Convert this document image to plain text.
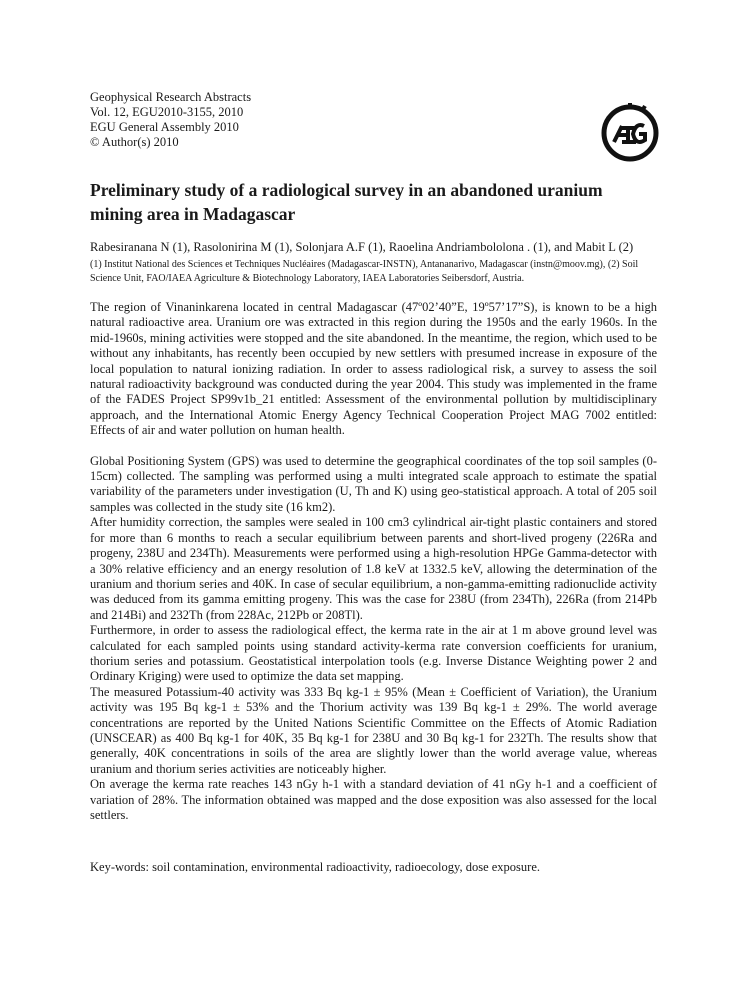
Geophysical Research Abstracts
Vol. 12, EGU2010-3155, 2010
EGU General Assembly 2010
© Author(s) 2010
Preliminary study of a radiological survey in an abandoned uranium mining area in Madagascar
Rabesiranana N (1), Rasolonirina M (1), Solonjara A.F (1), Raoelina Andriambololona . (1), and Mabit L (2)
(1) Institut National des Sciences et Techniques Nucléaires (Madagascar-INSTN), Antananarivo, Madagascar (instn@moov.mg), (2) Soil Science Unit, FAO/IAEA Agriculture & Biotechnology Laboratory, IAEA Laboratories Seibersdorf, Austria.

The region of Vinaninkarena located in central Madagascar (47º02’40”E, 19º57’17”S), is known to be a high natural radioactive area. Uranium ore was extracted in this region during the 1950s and the early 1960s. In the mid-1960s, mining activities were stopped and the site abandoned. In the meantime, the region, which used to be without any inhabitants, has recently been occupied by new settlers with presumed increase in exposure of the local population to natural ionizing radiation. In order to assess radiological risk, a survey to assess the soil natural radioactivity background was conducted during the year 2004. This study was implemented in the frame of the FADES Project SP99v1b_21 entitled: Assessment of the environmental pollution by multidisciplinary approach, and the International Atomic Energy Agency Technical Cooperation Project MAG 7002 entitled: Effects of air and water pollution on human health.

Global Positioning System (GPS) was used to determine the geographical coordinates of the top soil samples (0-15cm) collected. The sampling was performed using a multi integrated scale approach to estimate the spatial variability of the parameters under investigation (U, Th and K) using geo-statistical approach. A total of 205 soil samples was collected in the study site (16 km2).

After humidity correction, the samples were sealed in 100 cm3 cylindrical air-tight plastic containers and stored for more than 6 months to reach a secular equilibrium between parents and short-lived progeny (226Ra and progeny, 238U and 234Th). Measurements were performed using a high-resolution HPGe Gamma-detector with a 30% relative efficiency and an energy resolution of 1.8 keV at 1332.5 keV, allowing the determination of the uranium and thorium series and 40K. In case of secular equilibrium, a non-gamma-emitting radionuclide activity was deduced from its gamma emitting progeny. This was the case for 238U (from 234Th), 226Ra (from 214Pb and 214Bi) and 232Th (from 228Ac, 212Pb or 208Tl).

Furthermore, in order to assess the radiological effect, the kerma rate in the air at 1 m above ground level was calculated for each sampled points using standard activity-kerma rate conversion coefficients for uranium, thorium series and potassium. Geostatistical interpolation tools (e.g. Inverse Distance Weighting power 2 and Ordinary Kriging) were used to optimize the data set mapping.

The measured Potassium-40 activity was 333 Bq kg-1 ± 95% (Mean ± Coefficient of Variation), the Uranium activity was 195 Bq kg-1 ± 53% and the Thorium activity was 139 Bq kg-1 ± 29%. The world average concentrations are reported by the United Nations Scientific Committee on the Effects of Atomic Radiation (UNSCEAR) as 400 Bq kg-1 for 40K, 35 Bq kg-1 for 238U and 30 Bq kg-1 for 232Th. The results show that generally, 40K concentrations in soils of the area are slightly lower than the world average value, whereas uranium and thorium series activities are noticeably higher.

On average the kerma rate reaches 143 nGy h-1 with a standard deviation of 41 nGy h-1 and a coefficient of variation of 28%. The information obtained was mapped and the dose exposition was also assessed for the local settlers.

Key-words: soil contamination, environmental radioactivity, radioecology, dose exposure.
